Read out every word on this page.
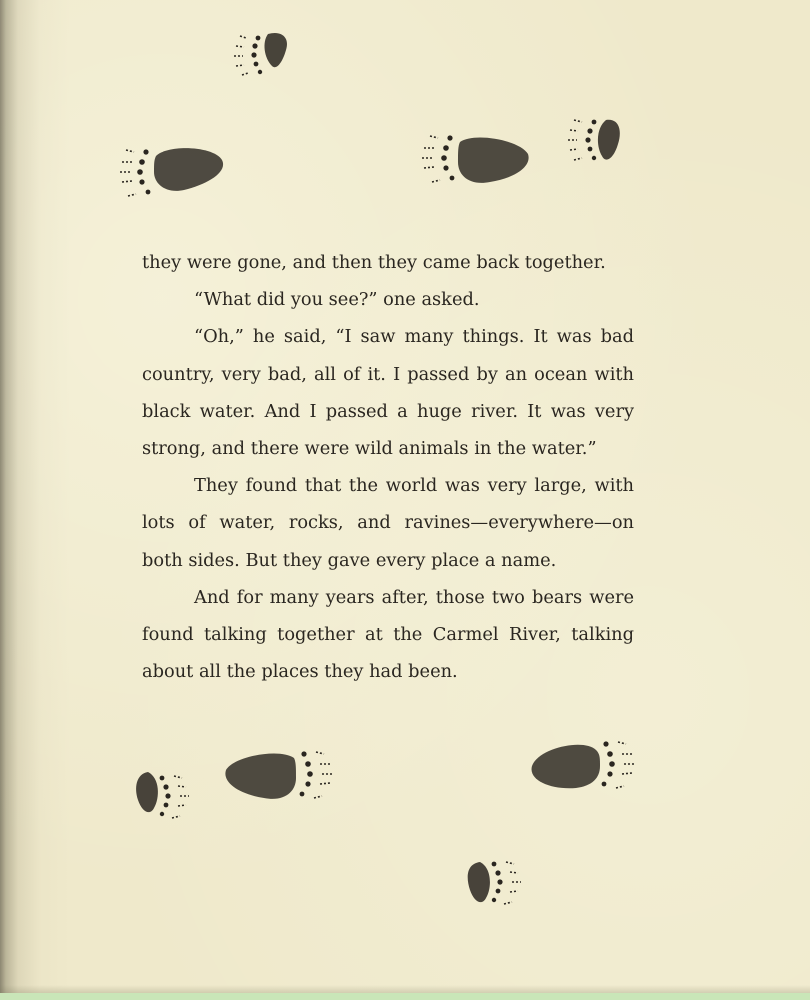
they were gone, and then they came back together.

“What did you see?” one asked.

“Oh,” he said, “I saw many things. It was bad country, very bad, all of it. I passed by an ocean with black water. And I passed a huge river. It was very strong, and there were wild animals in the water.”

They found that the world was very large, with lots of water, rocks, and ravines—everywhere—on both sides. But they gave every place a name.

And for many years after, those two bears were found talking together at the Carmel River, talking about all the places they had been.
